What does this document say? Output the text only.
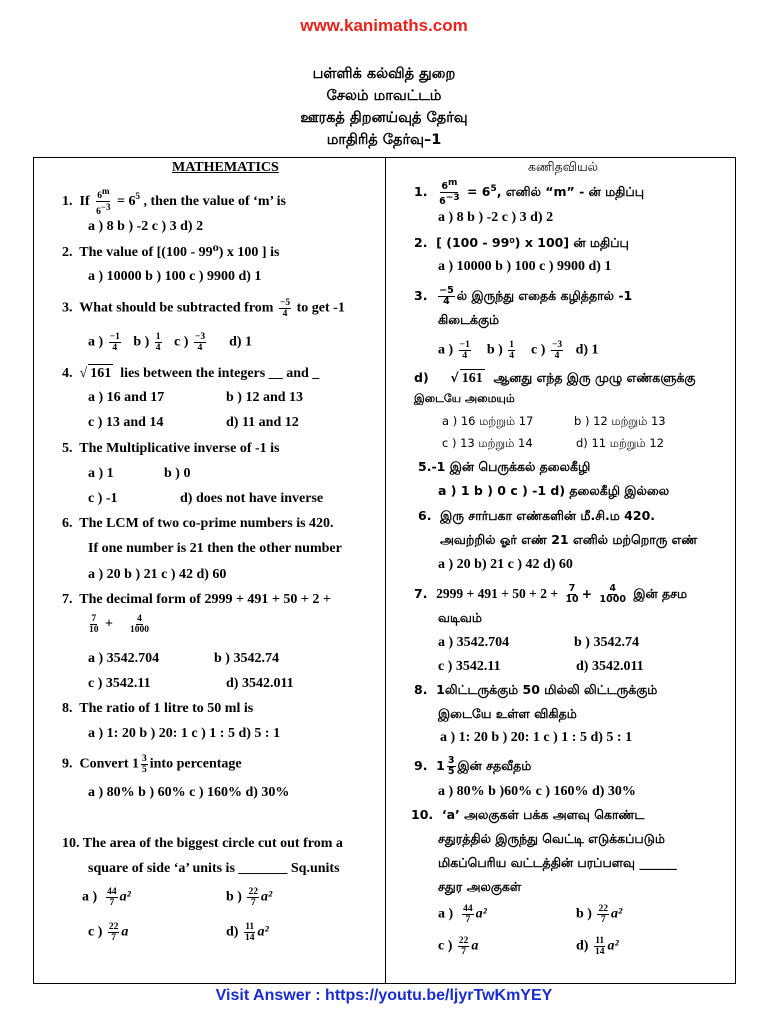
www.kanimaths.com
பள்ளிக் கல்வித் துறை
சேலம் மாவட்டம்
ஊரகத் திறனய்வுத் தேர்வு
மாதிரித் தேர்வு–1
MATHEMATICS
1. If $\frac{6^m}{6^{-3}} = 6^5$ , then the value of ‘m’ is
a ) 8 b ) -2 c ) 3 d) 2
2. The value of [(100 - 99⁰) x 100 ] is
a ) 10000 b ) 100 c ) 9900 d) 1
3. What should be subtracted from $\frac{-5}{4}$ to get -1
a ) $\frac{-1}{4}$ b ) $\frac{1}{4}$ c ) $\frac{-3}{4} d$) 1
4.  √ 161 lies between the integers __ and _
a ) 16 and 17	b ) 12 and 13
c ) 13 and 14	d) 11 and 12
5. The Multiplicative inverse of -1 is
a ) 1	b ) 0
c ) -1	d) does not have inverse
6. The LCM of two co-prime numbers is 420.
If one number is 21 then the other number
a ) 20 b ) 21 c ) 42 d) 60
7. The decimal form of 2999 + 491 + 50 + 2 +
$\frac{7}{10} + \frac{4}{1000}$
a ) 3542.704	b ) 3542.74
c ) 3542.11	d) 3542.011
8. The ratio of 1 litre to 50 ml is
a ) 1: 20 b ) 20: 1 c ) 1 : 5 d) 5 : 1
9. Convert $1 \frac{3}{5}$ into percentage
a ) 80% b ) 60% c ) 160% d) 30%
10. The area of the biggest circle cut out from a
square of side ‘a’ units is _______ Sq.units
a ) $\frac{44}{7} a^2$	b ) $\frac{22}{7} a^2$
c ) $\frac{22}{7}$ a	$d) \frac{11}{14} a^2$
கணிதவியல்
1. $\frac{6^m}{6^{-3}} = 6^5$, எனில் “m” - ன் மதிப்பு
a ) 8 b ) -2 c ) 3 d) 2
2. [ (100 - 99⁰) x 100] ன் மதிப்பு
a ) 10000 b ) 100 c ) 9900 d) 1
3. $\frac{-5}{4}$ ல் இருந்து எதைக் கழித்தால் -1
கிடைக்கும்
a ) $\frac{-1}{4}$ b ) $\frac{1}{4}$ c ) $\frac{-3}{4} d$) 1
d)     √ 161 ஆனது எந்த இரு முழு எண்களுக்கு
இடையே அமையும்
a ) 16 மற்றும் 17	b ) 12 மற்றும் 13
c ) 13 மற்றும் 14	d) 11 மற்றும் 12
5.-1 இன் பெருக்கல் தலைகீழி
a ) 1 b ) 0 c ) -1 d) தலைகீழி இல்லை
6. இரு சார்பகா எண்களின் மீ.சி.ம 420.
அவற்றில் ஓர் எண் 21 எனில் மற்றொரு எண்
a ) 20 b) 21 c ) 42 d) 60
7. $2999 + 491 + 50 + 2 + \frac{7}{10} + \frac{4}{1000}$ இன் தசம
வடிவம்
a ) 3542.704	b ) 3542.74
c ) 3542.11	d) 3542.011
8. 1லிட்டருக்கும் 50 மில்லி லிட்டருக்கும்
இடையே உள்ள விகிதம்
a ) 1: 20 b ) 20: 1 c ) 1 : 5 d) 5 : 1
9. $1 \frac{3}{5}$ இன் சதவீதம்
a ) 80% b )60% c ) 160% d) 30%
10. ‘a’ அலகுகள் பக்க அளவு கொண்ட
சதுரத்தில் இருந்து வெட்டி எடுக்கப்படும்
மிகப்பெரிய வட்டத்தின் பரப்பளவு ______
சதுர அலகுகள்
a ) $\frac{44}{7} a^2$	b ) $\frac{22}{7} a^2$
c ) $\frac{22}{7}$ a	$d) \frac{11}{14} a^2$
Visit Answer : https://youtu.be/ljyrTwKmYEY
